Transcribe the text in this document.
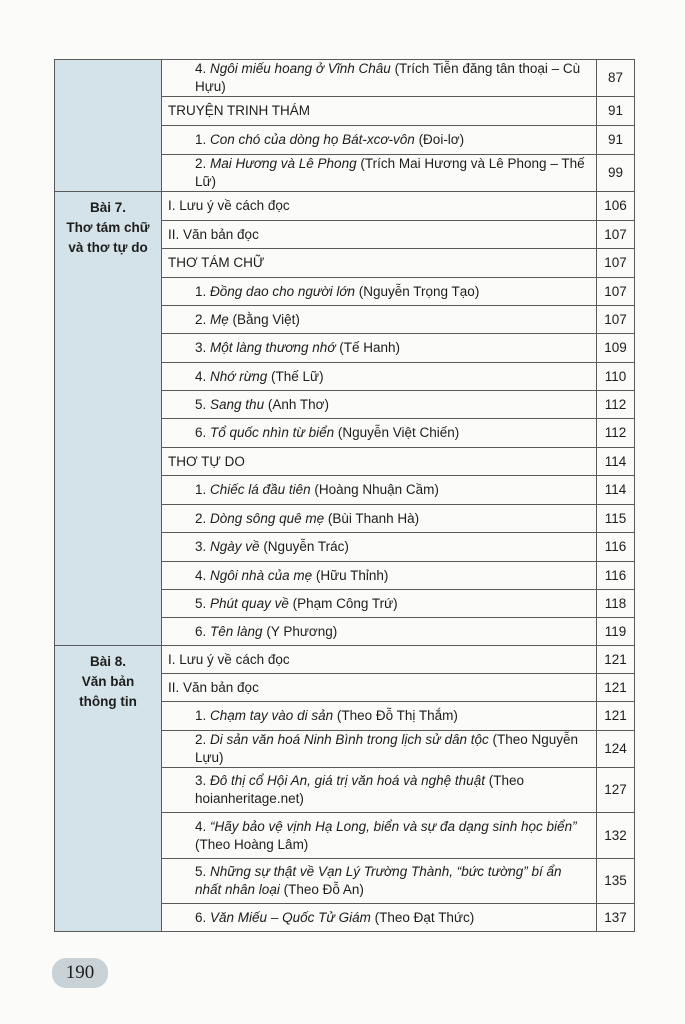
	4. Ngôi miếu hoang ở Vĩnh Châu (Trích Tiễn đăng tân thoại – Cù Hựu)	87
	TRUYỆN TRINH THÁM	91
	1. Con chó của dòng họ Bát-xcơ-vôn (Đoi-lơ)	91
	2. Mai Hương và Lê Phong (Trích Mai Hương và Lê Phong – Thế Lữ)	99
Bài 7.
Thơ tám chữ
và thơ tự do	I. Lưu ý về cách đọc	106
	II. Văn bản đọc	107
	THƠ TÁM CHỮ	107
	1. Đồng dao cho người lớn (Nguyễn Trọng Tạo)	107
	2. Mẹ (Bằng Việt)	107
	3. Một làng thương nhớ (Tế Hanh)	109
	4. Nhớ rừng (Thế Lữ)	110
	5. Sang thu (Anh Thơ)	112
	6. Tổ quốc nhìn từ biển (Nguyễn Việt Chiến)	112
	THƠ TỰ DO	114
	1. Chiếc lá đầu tiên (Hoàng Nhuận Cầm)	114
	2. Dòng sông quê mẹ (Bùi Thanh Hà)	115
	3. Ngày về (Nguyễn Trác)	116
	4. Ngôi nhà của mẹ (Hữu Thỉnh)	116
	5. Phút quay về (Phạm Công Trứ)	118
	6. Tên làng (Y Phương)	119
Bài 8.
Văn bản
thông tin	I. Lưu ý về cách đọc	121
	II. Văn bản đọc	121
	1. Chạm tay vào di sản (Theo Đỗ Thị Thắm)	121
	2. Di sản văn hoá Ninh Bình trong lịch sử dân tộc (Theo Nguyễn Lựu)	124
	3. Đô thị cổ Hội An, giá trị văn hoá và nghệ thuật (Theo hoianheritage.net)	127
	4. “Hãy bảo vệ vịnh Hạ Long, biển và sự đa dạng sinh học biển” (Theo Hoàng Lâm)	132
	5. Những sự thật về Vạn Lý Trường Thành, “bức tường” bí ẩn nhất nhân loại (Theo Đỗ An)	135
	6. Văn Miếu – Quốc Tử Giám (Theo Đạt Thức)	137
190
